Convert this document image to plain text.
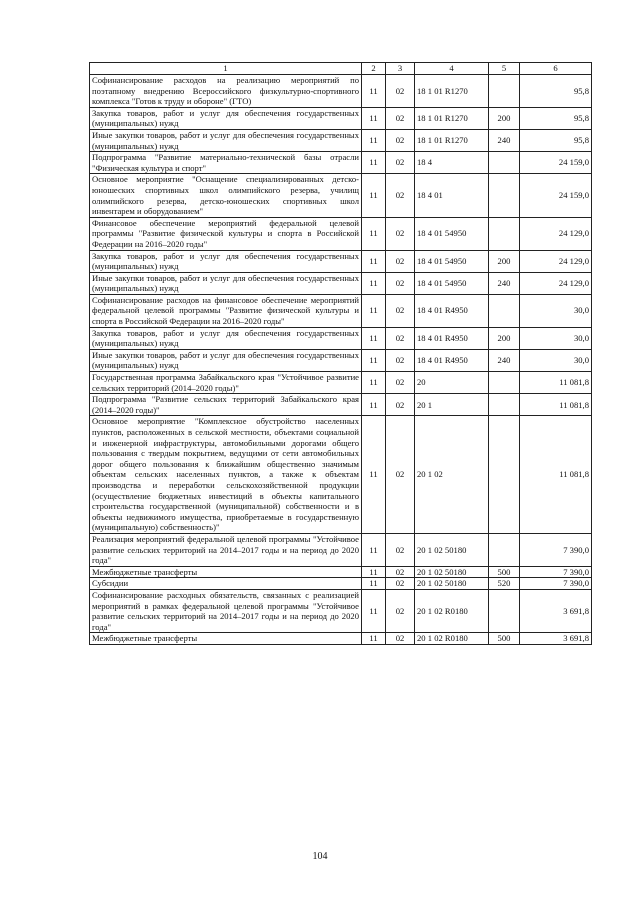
1	2	3	4	5	6
Софинансирование расходов на реализацию мероприятий по поэтапному внедрению Всероссийского физкультурно-спортивного комплекса "Готов к труду и обороне" (ГТО)	11	02	18 1 01 R1270		95,8
Закупка товаров, работ и услуг для обеспечения государственных (муниципальных) нужд	11	02	18 1 01 R1270	200	95,8
Иные закупки товаров, работ и услуг для обеспечения государственных (муниципальных) нужд	11	02	18 1 01 R1270	240	95,8
Подпрограмма "Развитие материально-технической базы отрасли "Физическая культура и спорт"	11	02	18 4		24 159,0
Основное мероприятие "Оснащение специализированных детско-юношеских спортивных школ олимпийского резерва, училищ олимпийского резерва, детско-юношеских спортивных школ инвентарем и оборудованием"	11	02	18 4 01		24 159,0
Финансовое обеспечение мероприятий федеральной целевой программы "Развитие физической культуры и спорта в Российской Федерации на 2016–2020 годы"	11	02	18 4 01 54950		24 129,0
Закупка товаров, работ и услуг для обеспечения государственных (муниципальных) нужд	11	02	18 4 01 54950	200	24 129,0
Иные закупки товаров, работ и услуг для обеспечения государственных (муниципальных) нужд	11	02	18 4 01 54950	240	24 129,0
Софинансирование расходов на финансовое обеспечение мероприятий федеральной целевой программы "Развитие физической культуры и спорта в Российской Федерации на 2016–2020 годы"	11	02	18 4 01 R4950		30,0
Закупка товаров, работ и услуг для обеспечения государственных (муниципальных) нужд	11	02	18 4 01 R4950	200	30,0
Иные закупки товаров, работ и услуг для обеспечения государственных (муниципальных) нужд	11	02	18 4 01 R4950	240	30,0
Государственная программа Забайкальского края "Устойчивое развитие сельских территорий (2014–2020 годы)"	11	02	20		11 081,8
Подпрограмма "Развитие сельских территорий Забайкальского края (2014–2020 годы)"	11	02	20 1		11 081,8
Основное мероприятие "Комплексное обустройство населенных пунктов, расположенных в сельской местности, объектами социальной и инженерной инфраструктуры, автомобильными дорогами общего пользования с твердым покрытием, ведущими от сети автомобильных дорог общего пользования к ближайшим общественно значимым объектам сельских населенных пунктов, а также к объектам производства и переработки сельскохозяйственной продукции (осуществление бюджетных инвестиций в объекты капитального строительства государственной (муниципальной) собственности и в объекты недвижимого имущества, приобретаемые в государственную (муниципальную) собственность)"	11	02	20 1 02		11 081,8
Реализация мероприятий федеральной целевой программы "Устойчивое развитие сельских территорий на 2014–2017 годы и на период до 2020 года"	11	02	20 1 02 50180		7 390,0
Межбюджетные трансферты	11	02	20 1 02 50180	500	7 390,0
Субсидии	11	02	20 1 02 50180	520	7 390,0
Софинансирование расходных обязательств, связанных с реализацией мероприятий в рамках федеральной целевой программы "Устойчивое развитие сельских территорий на 2014–2017 годы и на период до 2020 года"	11	02	20 1 02 R0180		3 691,8
Межбюджетные трансферты	11	02	20 1 02 R0180	500	3 691,8
104
